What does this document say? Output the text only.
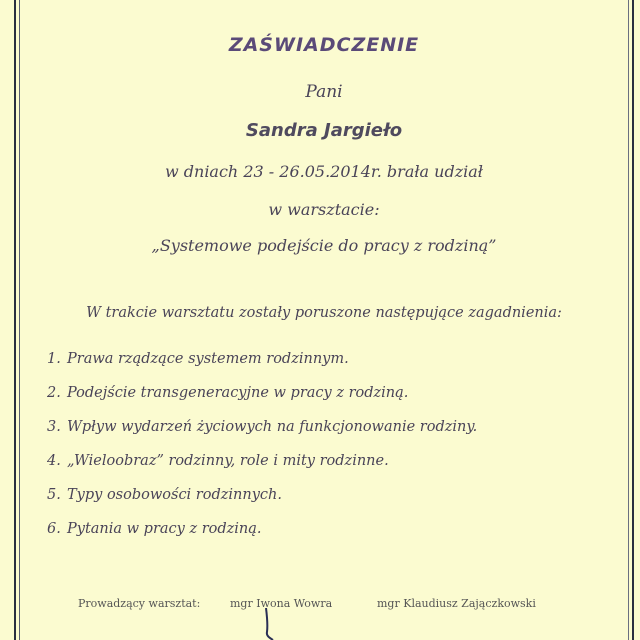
ZAŚWIADCZENIE
Pani
Sandra Jargieło
w dniach 23 - 26.05.2014r. brała udział
w warsztacie:
„Systemowe podejście do pracy z rodziną”
W trakcie warsztatu zostały poruszone następujące zagadnienia:
1. Prawa rządzące systemem rodzinnym.
2. Podejście transgeneracyjne w pracy z rodziną.
3. Wpływ wydarzeń życiowych na funkcjonowanie rodziny.
4. „Wieloobraz” rodzinny, role i mity rodzinne.
5. Typy osobowości rodzinnych.
6. Pytania w pracy z rodziną.
Prowadzący warsztat:	mgr Iwona Wowra	mgr Klaudiusz Zajączkowski
